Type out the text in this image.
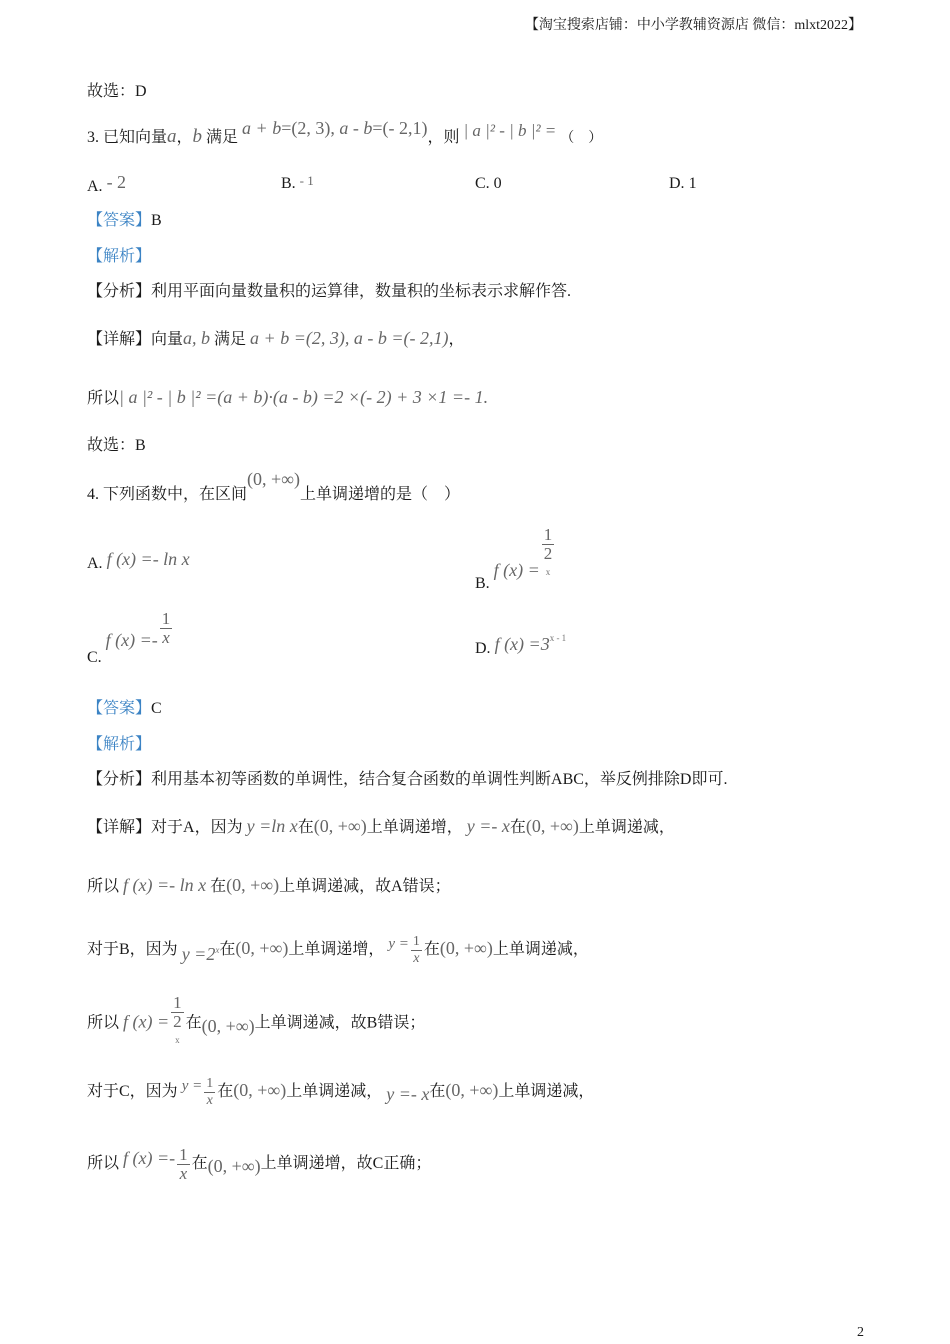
【淘宝搜索店铺：中小学教辅资源店 微信：mlxt2022】
故选：D
3. 已知向量a，b 满足 a + b=(2, 3), a - b=(- 2,1)，则 | a |² - | b |² = （　）
A. - 2	B. - 1	C. 0	D. 1
【答案】B
【解析】
【分析】利用平面向量数量积的运算律，数量积的坐标表示求解作答.
【详解】向量a, b 满足 a + b =(2, 3), a - b =(- 2,1)，
所以| a |² - | b |² =(a + b)·(a - b) =2 ×(- 2) + 3 ×1 =- 1.
故选：B
4. 下列函数中，在区间(0, +∞)上单调递增的是（　）
A. f (x) =- ln x
B. f (x) = 1
2
$^x$
C. f $(x) =- \frac{1}{x}$
D. f $(x) =3^{x - 1}$
【答案】C
【解析】
【分析】利用基本初等函数的单调性，结合复合函数的单调性判断ABC，举反例排除D即可.
【详解】对于A，因为 y =ln x在(0, +∞)上单调递增， y =- x在(0, +∞)上单调递减，
所以 f (x) =- ln x 在(0, +∞)上单调递减，故A错误；
对于B，因为 $y =2^x$在(0, +∞)上单调递增， $y = \frac{1}{x}$ 在(0, +∞)上单调递减，
所以 f (x) = 1
2
$^x$ 在(0, +∞)上单调递减，故B错误；
对于C，因为 $y = \frac{1}{x}$ 在(0, +∞)上单调递减， y =- x在(0, +∞)上单调递减，
所以 f $(x) =- \frac{1}{x}$ 在(0, +∞)上单调递增，故C正确；
2
